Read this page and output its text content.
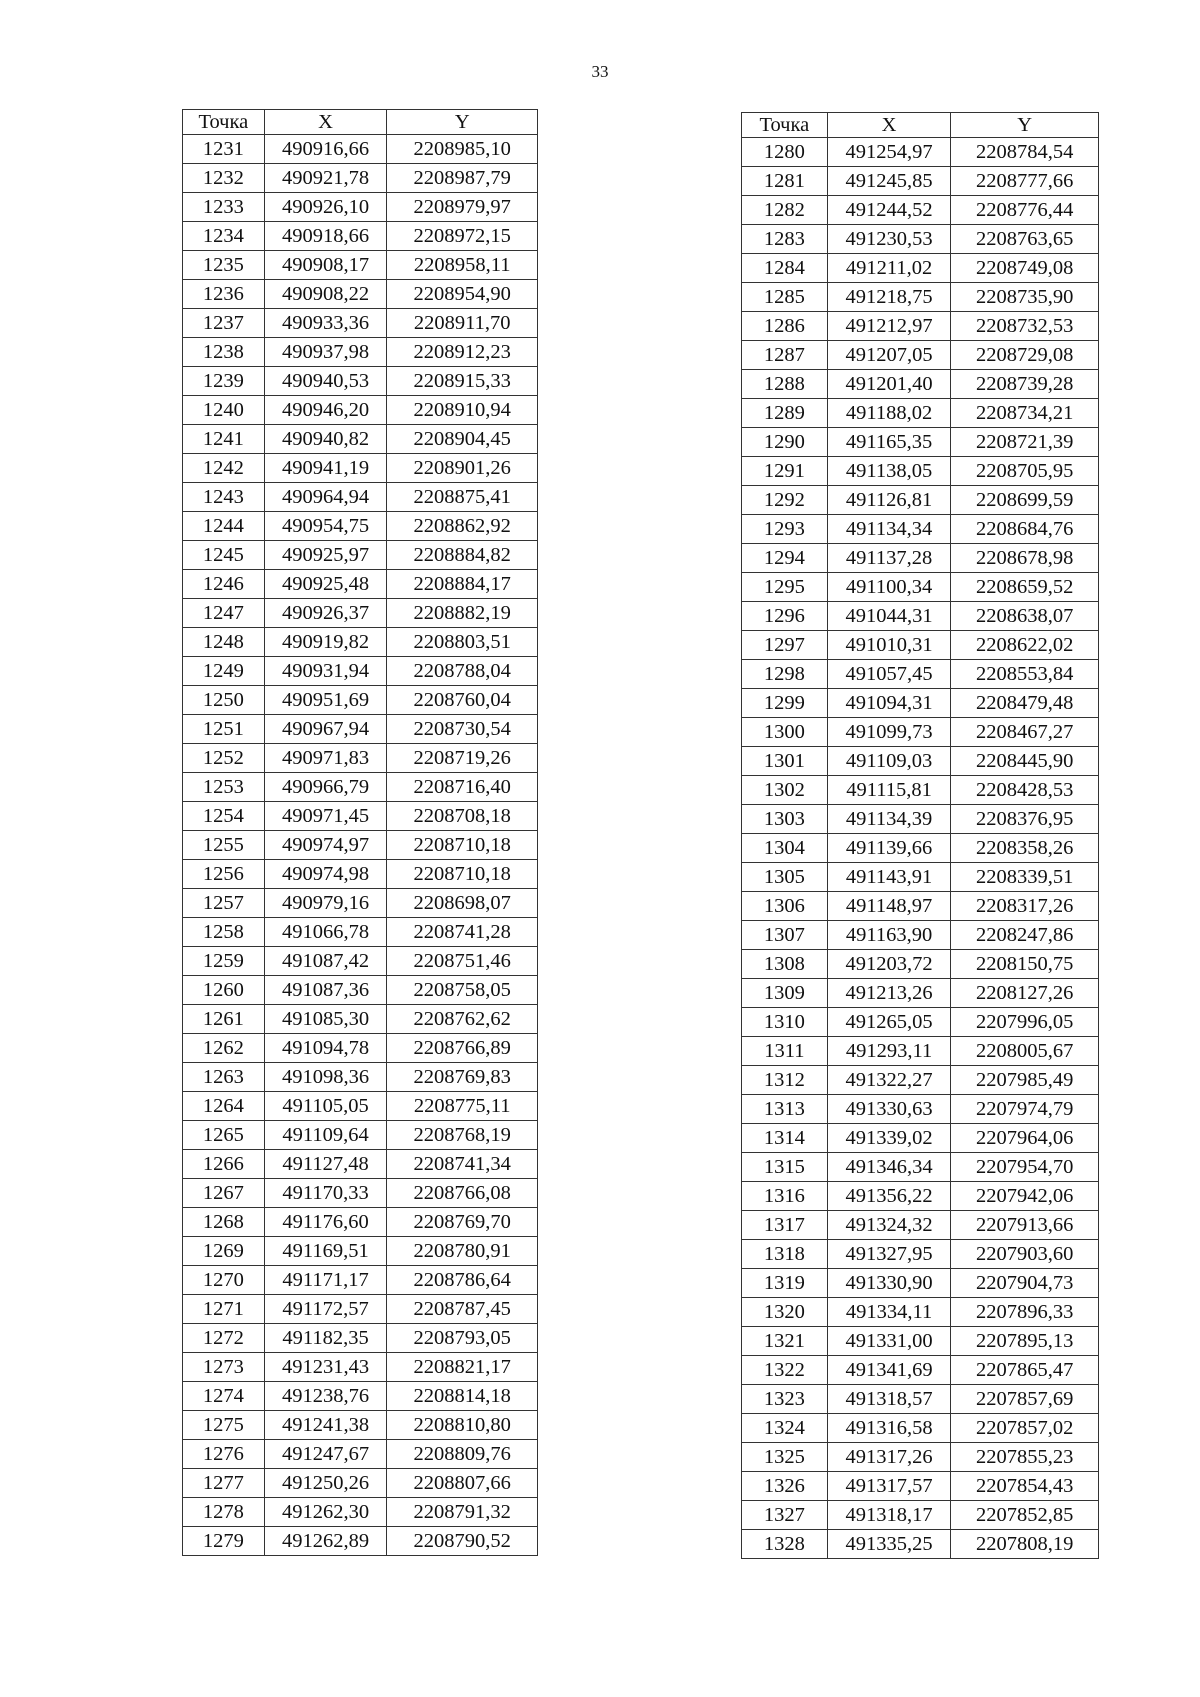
33
Точка	X	Y
1231	490916,66	2208985,10
1232	490921,78	2208987,79
1233	490926,10	2208979,97
1234	490918,66	2208972,15
1235	490908,17	2208958,11
1236	490908,22	2208954,90
1237	490933,36	2208911,70
1238	490937,98	2208912,23
1239	490940,53	2208915,33
1240	490946,20	2208910,94
1241	490940,82	2208904,45
1242	490941,19	2208901,26
1243	490964,94	2208875,41
1244	490954,75	2208862,92
1245	490925,97	2208884,82
1246	490925,48	2208884,17
1247	490926,37	2208882,19
1248	490919,82	2208803,51
1249	490931,94	2208788,04
1250	490951,69	2208760,04
1251	490967,94	2208730,54
1252	490971,83	2208719,26
1253	490966,79	2208716,40
1254	490971,45	2208708,18
1255	490974,97	2208710,18
1256	490974,98	2208710,18
1257	490979,16	2208698,07
1258	491066,78	2208741,28
1259	491087,42	2208751,46
1260	491087,36	2208758,05
1261	491085,30	2208762,62
1262	491094,78	2208766,89
1263	491098,36	2208769,83
1264	491105,05	2208775,11
1265	491109,64	2208768,19
1266	491127,48	2208741,34
1267	491170,33	2208766,08
1268	491176,60	2208769,70
1269	491169,51	2208780,91
1270	491171,17	2208786,64
1271	491172,57	2208787,45
1272	491182,35	2208793,05
1273	491231,43	2208821,17
1274	491238,76	2208814,18
1275	491241,38	2208810,80
1276	491247,67	2208809,76
1277	491250,26	2208807,66
1278	491262,30	2208791,32
1279	491262,89	2208790,52
Точка	X	Y
1280	491254,97	2208784,54
1281	491245,85	2208777,66
1282	491244,52	2208776,44
1283	491230,53	2208763,65
1284	491211,02	2208749,08
1285	491218,75	2208735,90
1286	491212,97	2208732,53
1287	491207,05	2208729,08
1288	491201,40	2208739,28
1289	491188,02	2208734,21
1290	491165,35	2208721,39
1291	491138,05	2208705,95
1292	491126,81	2208699,59
1293	491134,34	2208684,76
1294	491137,28	2208678,98
1295	491100,34	2208659,52
1296	491044,31	2208638,07
1297	491010,31	2208622,02
1298	491057,45	2208553,84
1299	491094,31	2208479,48
1300	491099,73	2208467,27
1301	491109,03	2208445,90
1302	491115,81	2208428,53
1303	491134,39	2208376,95
1304	491139,66	2208358,26
1305	491143,91	2208339,51
1306	491148,97	2208317,26
1307	491163,90	2208247,86
1308	491203,72	2208150,75
1309	491213,26	2208127,26
1310	491265,05	2207996,05
1311	491293,11	2208005,67
1312	491322,27	2207985,49
1313	491330,63	2207974,79
1314	491339,02	2207964,06
1315	491346,34	2207954,70
1316	491356,22	2207942,06
1317	491324,32	2207913,66
1318	491327,95	2207903,60
1319	491330,90	2207904,73
1320	491334,11	2207896,33
1321	491331,00	2207895,13
1322	491341,69	2207865,47
1323	491318,57	2207857,69
1324	491316,58	2207857,02
1325	491317,26	2207855,23
1326	491317,57	2207854,43
1327	491318,17	2207852,85
1328	491335,25	2207808,19
